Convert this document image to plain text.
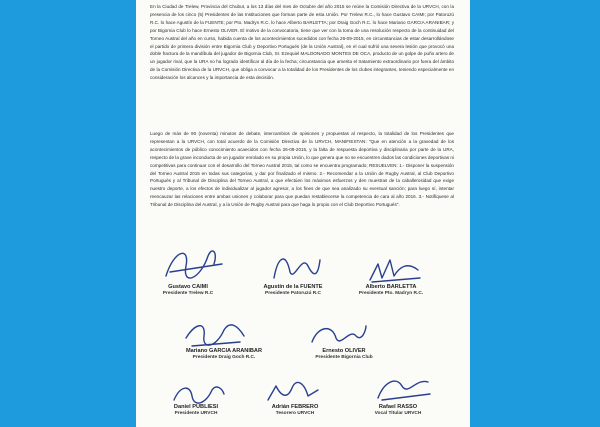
En la Ciudad de Trelew, Provincia del Chubut, a los 13 días del mes de Octubre del año 2015 se reúne la Comisión Directiva de la URVCH, con la presencia de los cinco (5) Presidentes de las Instituciones que forman parte de esta Unión. Por Trelew R.C., lo hace Gustavo CAIMI; por Patoruzú R.C. lo hace Agustín de la FUENTE; por Pto. Madryn R.C. lo hace Alberto BARLETTA; por Draig Goch R.C. lo hace Mariano GARCIA ARANIBAR; y por Bigornia Club lo hace Ernesto OLIVER. El motivo de la convocatoria, tiene que ver con la toma de una resolución respecto de la continuidad del Torneo Austral del año en curso, habida cuenta de los acontecimientos sucedidos con fecha 26-09-2015, en circunstancias de estar desarrollándose el partido de primera división entre Bigornia Club y Deportivo Portugués (de la Unión Austral), en el cual sufrió una severa lesión que provocó una doble fractura de la mandíbula del jugador de Bigornia Club, Sr. Ezequiel MALDONADO MONTES DE OCA, producto de un golpe de puño artero de un jugador rival, que la URA no ha logrado identificar al día de la fecha; circunstancia que amerita el tratamiento extraordinario por fuera del ámbito de la Comisión Directiva de la URVCH, que obliga a convocar a la totalidad de los Presidentes de los clubes integrantes, teniendo especialmente en consideración los alcances y la importancia de esta decisión.

Luego de más de 90 (noventa) minutos de debate, intercambios de opiniones y propuestas al respecto, la totalidad de los Presidentes que representan a la URVCH, con total acuerdo de la Comisión Directiva de la URVCH, MANIFIESTAN: "Que en atención a la gravedad de los acontecimientos de público conocimiento acaecidos con fecha 26-09-2015, y la falta de respuesta deportiva y disciplinaria por parte de la URA, respecto de la grave inconducta de un jugador enrolado en su propia Unión, lo que genera que no se encuentren dados las condiciones deportivas ni competitivas para continuar con el desarrollo del Torneo Austral 2015, tal como se encuentra programado; RESUELVEN: 1.- Disponer la suspensión del Torneo Austral 2015 en todas sus categorías, y dar por finalizado el mismo. 2.- Recomendar a la Unión de Rugby Austral, al Club Deportivo Portugués y al Tribunal de Disciplina del Torneo Austral, a que efectúen los máximos esfuerzos y den muestras de la caballerosidad que exige nuestro deporte, a los efectos de individualizar al jugador agresor, a los fines de que sea analizado su eventual sanción; para luego sí, intentar reencauzar las relaciones entre ambas uniones y colaborar para que puedan restablecerse la competencia de cara al año 2016. 3.- Notifíquese al Tribunal de Disciplina del Austral, y a la Unión de Rugby Austral para que haga lo propio con el Club Deportivo Portugués".

Gustavo CAIMI
Presidente Trelew R.C
Agustín de la FUENTE
Presidente Patoruzú R.C
Alberto BARLETTA
Presidente Pto. Madryn R.C.
Mariano GARCIA ARANIBAR
Presidente Draig Goch R.C.
Ernesto OLIVER
Presidente Bigornia Club
Daniel PUBLIESI
Presidente URVCH
Adrián FEBRERO
Tesorero URVCH
Rafael RASSO
Vocal Titular URVCH
